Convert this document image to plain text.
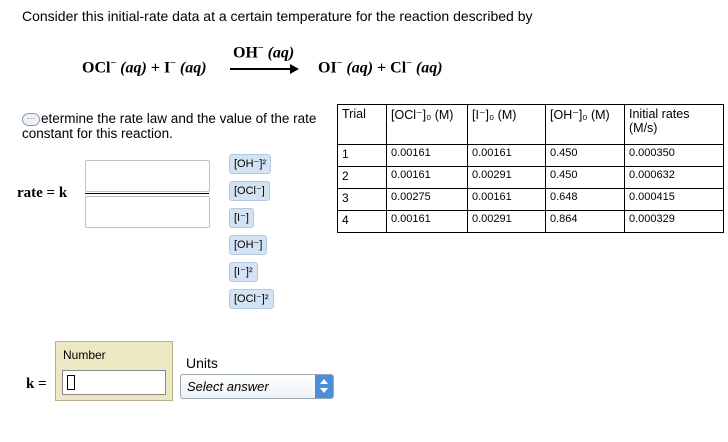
Consider this initial-rate data at a certain temperature for the reaction described by
OCl− (aq) + I− (aq)
OH− (aq)
OI− (aq) + Cl− (aq)
··· etermine the rate law and the value of the rate constant for this reaction.
Trial	[OCl⁻]₀ (M)	[I⁻]₀ (M)	[OH⁻]₀ (M)	Initial rates (M/s)
1	0.00161	0.00161	0.450	0.000350
2	0.00161	0.00291	0.450	0.000632
3	0.00275	0.00161	0.648	0.000415
4	0.00161	0.00291	0.864	0.000329
rate = k
[OH⁻]²
[OCl⁻]
[I⁻]
[OH⁻]
[I⁻]²
[OCl⁻]²
Number
k =
Units
Select answer
